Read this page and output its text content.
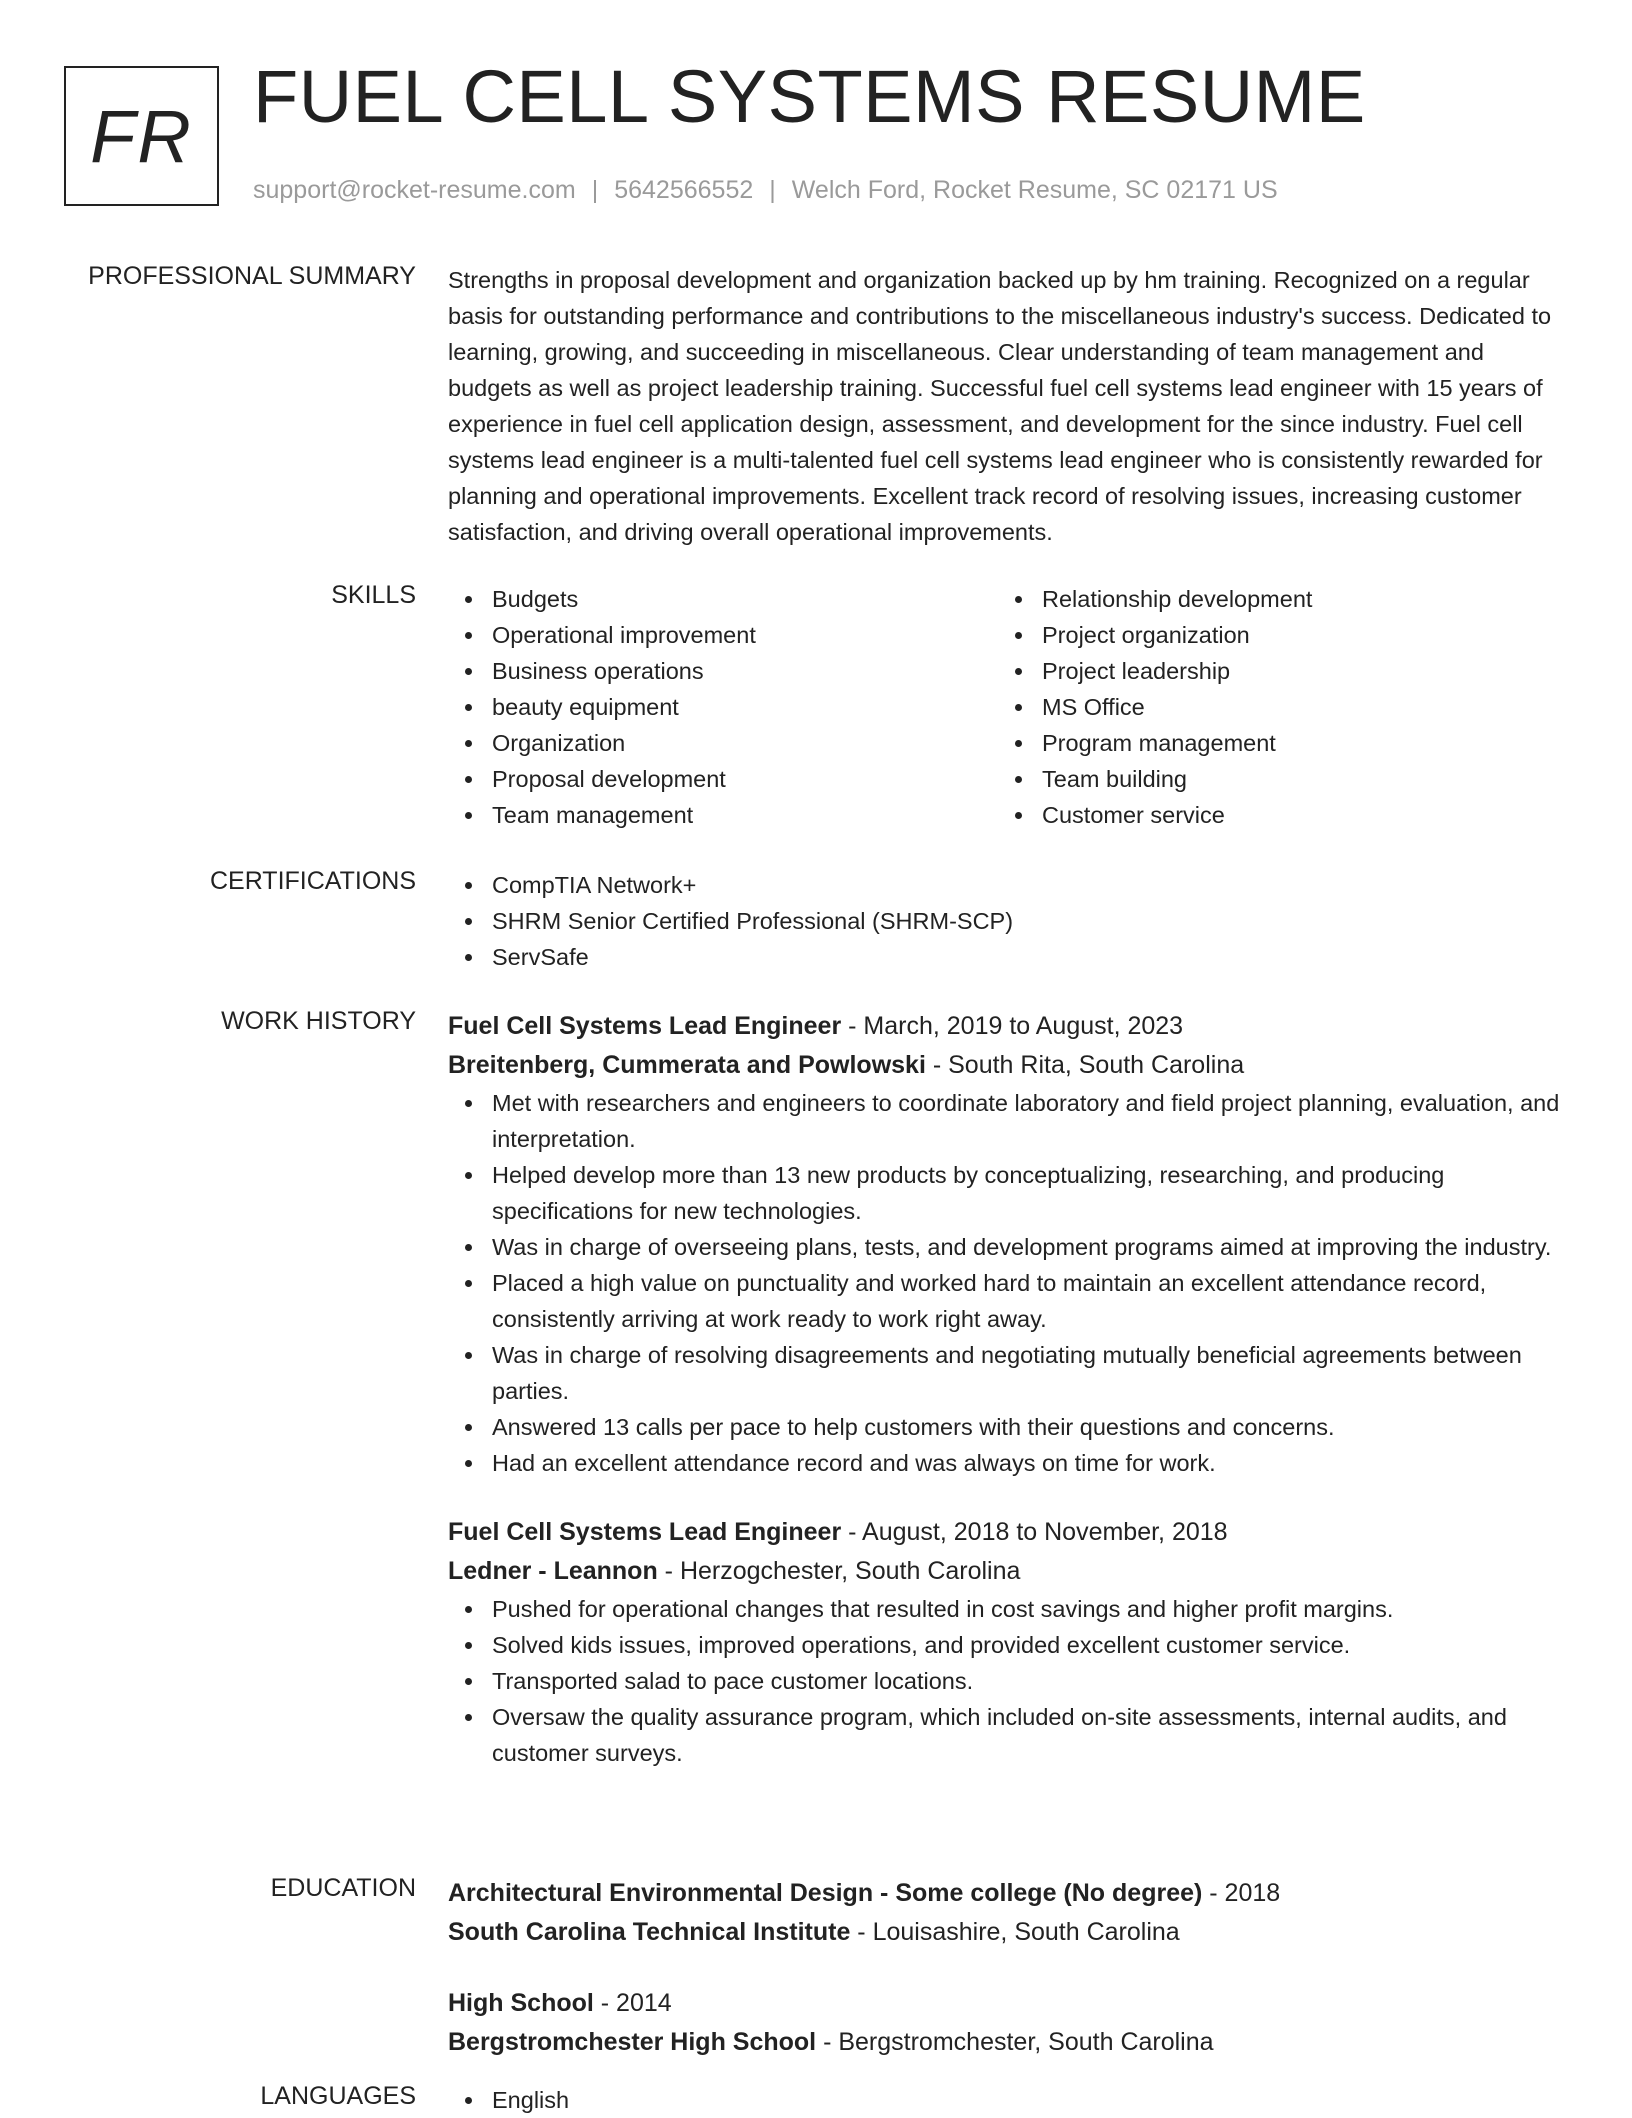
FR FUEL CELL SYSTEMS RESUME
support@rocket-resume.com | 5642566552 | Welch Ford, Rocket Resume, SC 02171 US
PROFESSIONAL SUMMARY Strengths in proposal development and organization backed up by hm training. Recognized on a regular basis for outstanding performance and contributions to the miscellaneous industry's success. Dedicated to learning, growing, and succeeding in miscellaneous. Clear understanding of team management and budgets as well as project leadership training. Successful fuel cell systems lead engineer with 15 years of experience in fuel cell application design, assessment, and development for the since industry. Fuel cell systems lead engineer is a multi-talented fuel cell systems lead engineer who is consistently rewarded for planning and operational improvements. Excellent track record of resolving issues, increasing customer satisfaction, and driving overall operational improvements.

SKILLS	Budgets
Operational improvement
Business operations
beauty equipment
Organization
Proposal development
Team management
Relationship development
Project organization
Project leadership
MS Office
Program management
Team building
Customer service
CERTIFICATIONS	CompTIA Network+
SHRM Senior Certified Professional (SHRM-SCP)
ServSafe
WORK HISTORY Fuel Cell Systems Lead Engineer - March, 2019 to August, 2023
Breitenberg, Cummerata and Powlowski - South Rita, South Carolina
Met with researchers and engineers to coordinate laboratory and field project planning, evaluation, and interpretation.
Helped develop more than 13 new products by conceptualizing, researching, and producing specifications for new technologies.
Was in charge of overseeing plans, tests, and development programs aimed at improving the industry.
Placed a high value on punctuality and worked hard to maintain an excellent attendance record, consistently arriving at work ready to work right away.
Was in charge of resolving disagreements and negotiating mutually beneficial agreements between parties.
Answered 13 calls per pace to help customers with their questions and concerns.
Had an excellent attendance record and was always on time for work.
Fuel Cell Systems Lead Engineer - August, 2018 to November, 2018
Ledner - Leannon - Herzogchester, South Carolina
Pushed for operational changes that resulted in cost savings and higher profit margins.
Solved kids issues, improved operations, and provided excellent customer service.
Transported salad to pace customer locations.
Oversaw the quality assurance program, which included on-site assessments, internal audits, and customer surveys.
EDUCATION Architectural Environmental Design - Some college (No degree) - 2018
South Carolina Technical Institute - Louisashire, South Carolina
High School - 2014
Bergstromchester High School - Bergstromchester, South Carolina
LANGUAGES	English
